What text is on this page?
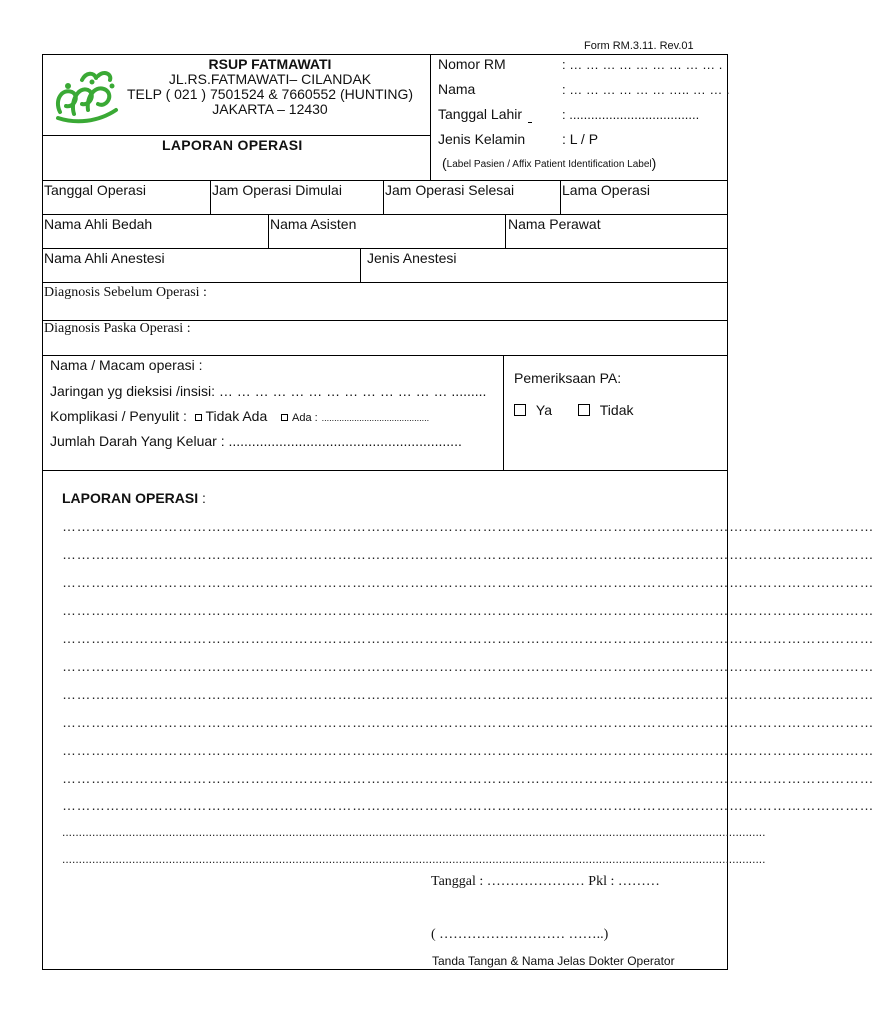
Form RM.3.11. Rev.01
RSUP FATMAWATI
JL.RS.FATMAWATI– CILANDAK
TELP ( 021 ) 7501524 & 7660552 (HUNTING)
JAKARTA – 12430
LAPORAN OPERASI
Nomor RM	: … … … … … … … … … .
Nama	: … … … … … … ….. … … .
Tanggal Lahir	: ....................................
Jenis Kelamin	: L / P
(Label Pasien / Affix Patient Identification Label)
Tanggal Operasi	Jam Operasi Dimulai	Jam Operasi Selesai	Lama Operasi
Nama Ahli Bedah	Nama Asisten	Nama Perawat
Nama Ahli Anestesi	Jenis Anestesi
Diagnosis Sebelum Operasi :
Diagnosis Paska Operasi :
Nama / Macam operasi :
Jaringan yg dieksisi /insisi: … … … … … … … … … … … … … .........
Komplikasi / Penyulit : Tidak Ada Ada : ...........................................
Jumlah Darah Yang Keluar : ............................................................
Pemeriksaan PA:
Ya	Tidak
LAPORAN OPERASI :
……………………………………………………………………………………………………………………………………………………
……………………………………………………………………………………………………………………………………………………
……………………………………………………………………………………………………………………………………………………
……………………………………………………………………………………………………………………………………………………
……………………………………………………………………………………………………………………………………………………
……………………………………………………………………………………………………………………………………………………
……………………………………………………………………………………………………………………………………………………
……………………………………………………………………………………………………………………………………………………
……………………………………………………………………………………………………………………………………………………
……………………………………………………………………………………………………………………………………………………
……………………………………………………………………………………………………………………………………………………
...................................................................................................................................................................................................................
...................................................................................................................................................................................................................
Tanggal : ………………… Pkl : ………
( ……………………… ……..)
Tanda Tangan & Nama Jelas Dokter Operator
